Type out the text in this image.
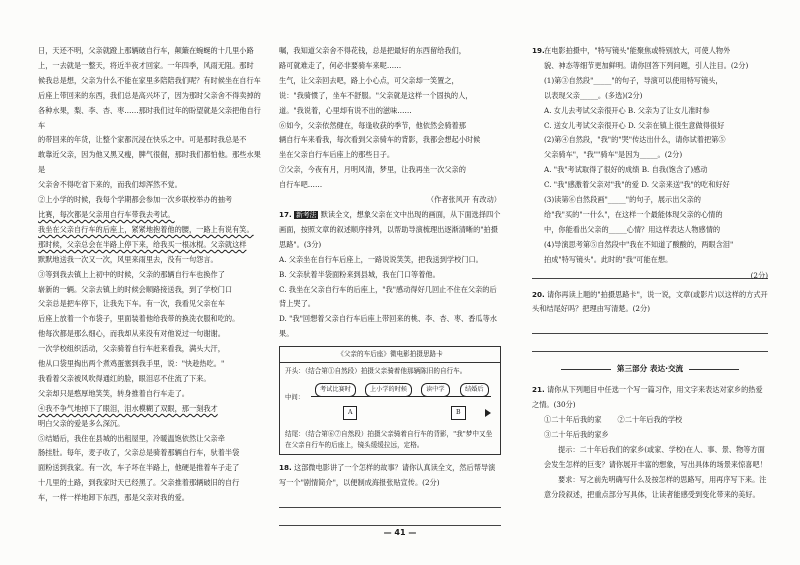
日，天还不明，父亲就蹬上那辆破自行车，颠簸在蜿蜒的十几里小路

上，一去就是一整天，将近半夜才回家。一年四季，风雨无阻。那时

候我总是想，父亲为什么不能在家里多陪陪我们呢？有时候坐在自行车

后座上带回来的东西，我们总是高兴坏了，因为那时父亲舍不得卖掉的

各种水果，梨、李、杏、枣……那时我们过年的盼望就是父亲把他自行车

的带回来的年货，让整个家都沉浸在快乐之中。可是那时我总是不

敢靠近父亲，因为他又黑又瘦，脾气很倔，那时我们都怕他。那些水果是

父亲舍不得吃省下来的，而我们却浑然不觉。

②上小学的时候，我每个学期都会参加一次乡联校举办的抽考

比赛，每次都是父亲用自行车带我去考试。

我坐在父亲自行车的后座上，紧紧地抱着他的腰，一路上有说有笑。

那时候，父亲总会在半路上停下来，给我买一根冰棍。父亲就这样

默默地送我一次又一次，风里来雨里去，没有一句怨言。

③等到我去镇上上初中的时候，父亲的那辆自行车也换作了

崭新的一辆。父亲去镇上的时候会顺路接送我，到了学校门口

父亲总是把车停下，让我先下车。有一次，我看见父亲在车

后座上放着一个布袋子，里面装着他给我带的换洗衣服和吃的。

他每次都是那么细心，而我却从来没有对他说过一句谢谢。

一次学校组织活动，父亲骑着自行车赶来看我，满头大汗，

他从口袋里掏出两个煮鸡蛋塞到我手里，说："快趁热吃。"

我看着父亲被风吹得通红的脸，眼泪忍不住流了下来。

父亲却只是憨厚地笑笑，转身推着自行车走了。

④我不争气地掉下了眼泪，泪水模糊了双眼，那一刻我才

明白父亲的爱是多么深沉。

⑤结婚后，我住在县城的出租屋里，冷暖温饱依然让父亲牵

肠挂肚。每年，麦子收了，父亲总是骑着那辆自行车，驮着半袋

面粉送到我家。有一次，车子坏在半路上，他硬是推着车子走了

十几里的土路，到我家时天已经黑了。父亲推着那辆破旧的自行

车，一样一样地卸下东西，那是父亲对我的爱。

嘱，我知道父亲舍不得花钱，总是把最好的东西留给我们，

路可就难走了，何必非要骑车来呢……

生气，让父亲回去吧，路上小心点，可父亲却一笑置之，

说："我骑惯了，坐车不舒服。"父亲就是这样一个固执的人，

道。"我说着，心里却有说不出的滋味……

⑥如今，父亲依然健在，每逢收获的季节，他依然会骑着那

辆自行车来看我，每次看到父亲骑车的背影，我都会想起小时候

坐在父亲自行车后座上的那些日子。

⑦父亲，今夜有月，月明风清，梦里，让我再坐一次父亲的

自行车吧……

（作者张风开 有改动）

17. 新考法 默读全文，想象父亲在文中出现的画面，从下面选择四个画面，按照文章的叙述顺序排列，以帮助导演梳理出逐渐清晰的"拍摄思路"。(3分)

A. 父亲坐在自行车后座上，一路说说笑笑，把我送到学校门口。

B. 父亲驮着半袋面粉来到县城，我在门口等着他。

C. 我坐在父亲自行车的后座上，"我"感动得好几回止不住在父亲的后背上哭了。

D. "我"回想着父亲自行车后座上带回来的桃、李、杏、枣、香瓜等水果。

《父亲的车后座》微电影拍摄思路卡
开头：（结合第①自然段）拍摄父亲骑着他那辆陈旧的自行车。
中间：
考试比赛时	上小学的时候	读中学	结婚后
A	B
结尾：（结合第⑥⑦自然段）拍摄父亲骑着自行车的背影，"我"梦中又坐在父亲自行车的后座上，镜头缓缓拉远，定格。

18. 这部微电影讲了一个怎样的故事？请你认真读全文，然后帮导演写一个"剧情简介"，以便制成海报张贴宣传。(2分)

19. 在电影拍摄中，"特写镜头"能聚焦或特别放大，可使人物外

貌、神态等细节更加鲜明。请你回答下列问题，引人注目。(2分)

(1)第③自然段"_____"的句子，导演可以使用特写镜头，

以表现父亲_____。(多选)(2分)

A. 女儿去考试父亲很开心 B. 父亲为了让女儿准时参

C. 送女儿考试父亲很开心 D. 父亲在镇上很生意做得很好

(2)第④自然段，"我"的"哭"传达出什么，请你试着把第⑤

父亲骑车"，"我""骑车"是因为_____。(2分)

A. "我"考试取得了很好的成绩 B. 自我(饱含了)感动

C. "我"感激着父亲对"我"的爱 D. 父亲来送"我"的吃和好好

(3)读第⑥自然段画"_____"的句子，展示出父亲的

给"我"买的"一什么"，在这样一个最能体现父亲的心情的

中，你能看出父亲的_____心情？用这样表达人物感情的

(4)导演思考第⑤自然段中"我在不知道了酸酸的，两眼含泪"

拍成"特写镜头"。此时的"我"可能在想。

(2分)

20. 请你再读上题的"拍摄思路卡"，说一说，文章(或影片)以这样的方式开头和结尾好吗？把理由写清楚。(2分)

第三部分 表达·交流

21. 请你从下列题目中任选一个写一篇习作，用文字来表达对家乡的热爱之情。(30分)

①二十年后我的家 ②二十年后我的学校
③二十年后我的家乡

提示：二十年后我们的家乡(或家、学校)在人、事、景、物等方面会发生怎样的巨变？请你展开丰富的想象，写出具体的场景来惊喜吧！

要求：写之前先明确写什么及按怎样的思路写，用再序写下来。注意分段叙述，把重点部分写具体，让读者能感受到变化带来的美好。

— 41 —
